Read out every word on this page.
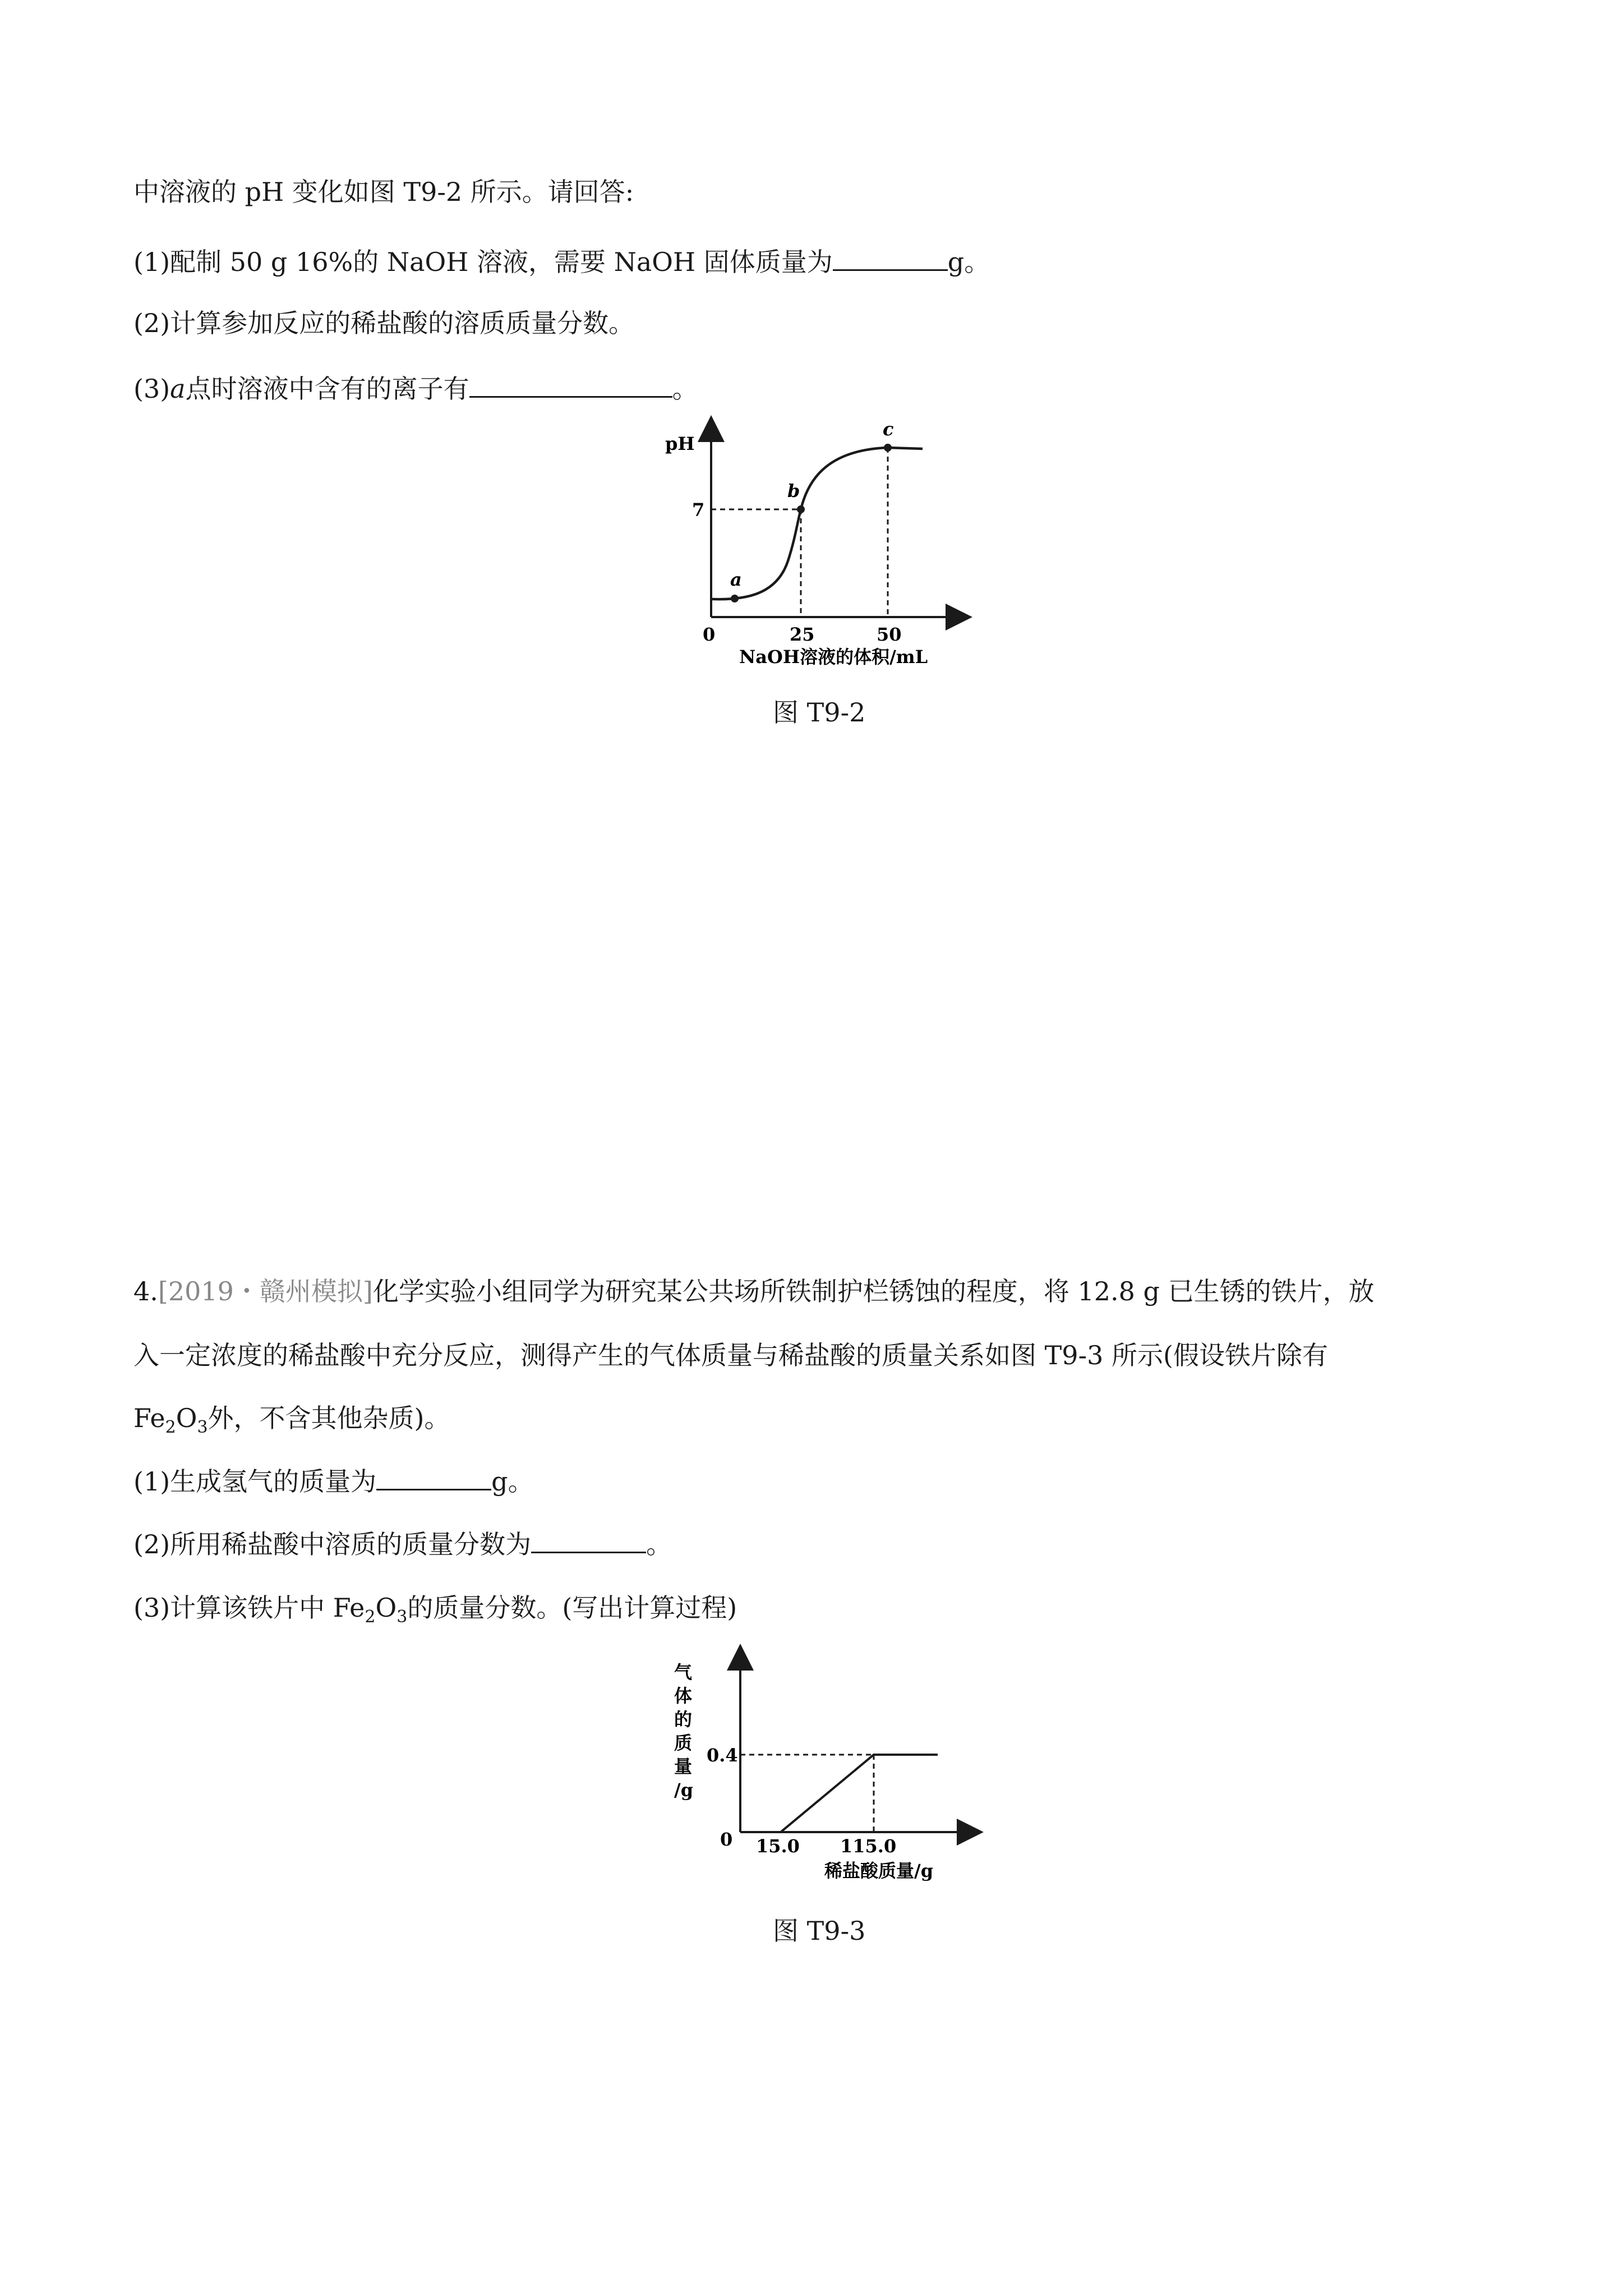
中溶液的 pH 变化如图 T9-2 所示。请回答:
(1)配制 50 g 16%的 NaOH 溶液，需要 NaOH 固体质量为	g。
(2)计算参加反应的稀盐酸的溶质质量分数。
(3)a点时溶液中含有的离子有	。
pH
0
a
b
c
7
25	50
NaOH溶液的体积/mL
图 T9-2
4.[2019・赣州模拟]化学实验小组同学为研究某公共场所铁制护栏锈蚀的程度，将 12.8 g 已生锈的铁片，放
入一定浓度的稀盐酸中充分反应，测得产生的气体质量与稀盐酸的质量关系如图 T9-3 所示(假设铁片除有
$Fe_2O_3$外，不含其他杂质)。
(1)生成氢气的质量为	g。
(2)所用稀盐酸中溶质的质量分数为	。
(3)计算该铁片中 $Fe_2O_3$的质量分数。(写出计算过程)
气
体
的
质
量
/g
0
0.4
15.0 115.0
稀盐酸质量/g
图 T9-3
